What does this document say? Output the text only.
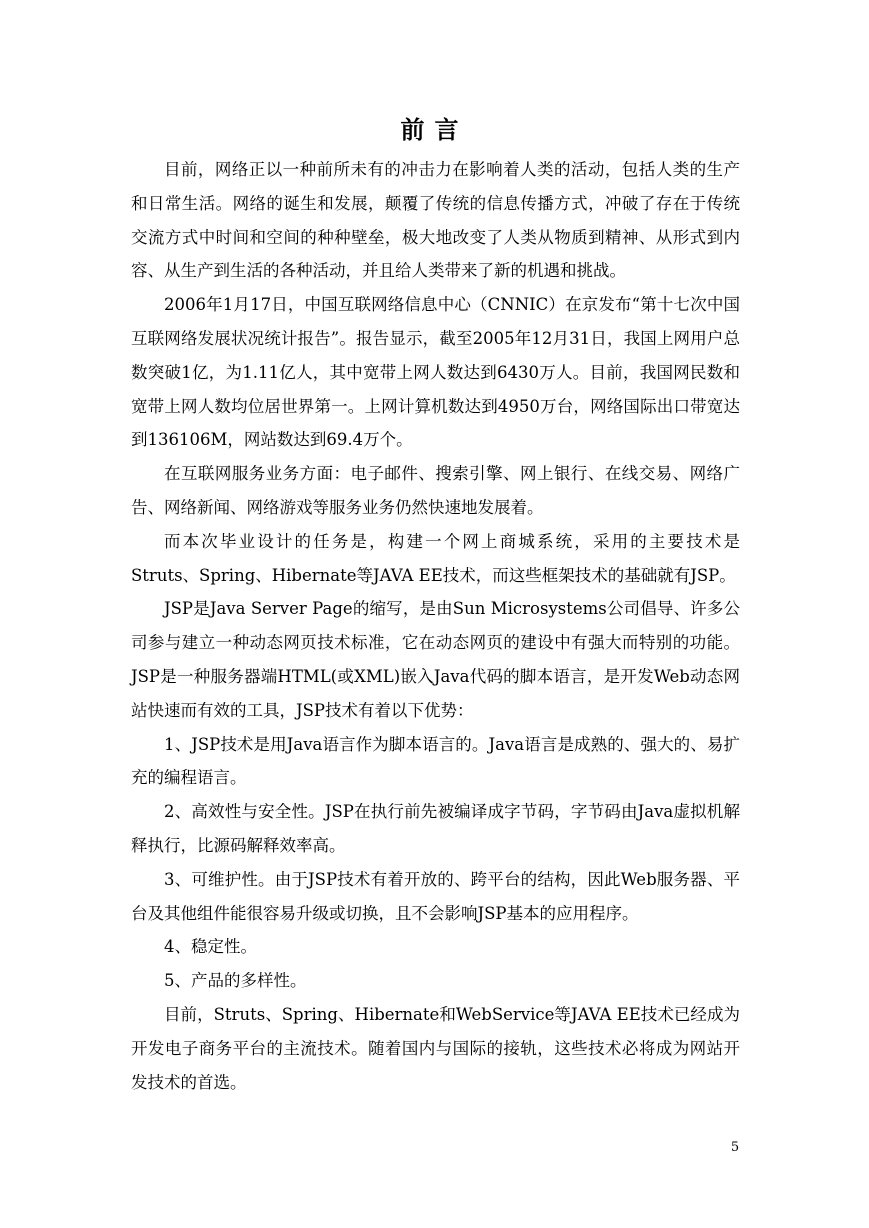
前言

目前，网络正以一种前所未有的冲击力在影响着人类的活动，包括人类的生产和日常生活。网络的诞生和发展，颠覆了传统的信息传播方式，冲破了存在于传统交流方式中时间和空间的种种壁垒，极大地改变了人类从物质到精神、从形式到内容、从生产到生活的各种活动，并且给人类带来了新的机遇和挑战。

2006年1月17日，中国互联网络信息中心（CNNIC）在京发布“第十七次中国互联网络发展状况统计报告”。报告显示，截至2005年12月31日，我国上网用户总数突破1亿，为1.11亿人，其中宽带上网人数达到6430万人。目前，我国网民数和宽带上网人数均位居世界第一。上网计算机数达到4950万台，网络国际出口带宽达到136106M，网站数达到69.4万个。

在互联网服务业务方面：电子邮件、搜索引擎、网上银行、在线交易、网络广告、网络新闻、网络游戏等服务业务仍然快速地发展着。

而本次毕业设计的任务是，构建一个网上商城系统，采用的主要技术是Struts、Spring、Hibernate等JAVA EE技术，而这些框架技术的基础就有JSP。

JSP是Java Server Page的缩写，是由Sun Microsystems公司倡导、许多公司参与建立一种动态网页技术标准，它在动态网页的建设中有强大而特别的功能。JSP是一种服务器端HTML(或XML)嵌入Java代码的脚本语言，是开发Web动态网站快速而有效的工具，JSP技术有着以下优势：

1、JSP技术是用Java语言作为脚本语言的。Java语言是成熟的、强大的、易扩充的编程语言。

2、高效性与安全性。JSP在执行前先被编译成字节码，字节码由Java虚拟机解释执行，比源码解释效率高。

3、可维护性。由于JSP技术有着开放的、跨平台的结构，因此Web服务器、平台及其他组件能很容易升级或切换，且不会影响JSP基本的应用程序。

4、稳定性。

5、产品的多样性。

目前，Struts、Spring、Hibernate和WebService等JAVA EE技术已经成为开发电子商务平台的主流技术。随着国内与国际的接轨，这些技术必将成为网站开发技术的首选。

5
